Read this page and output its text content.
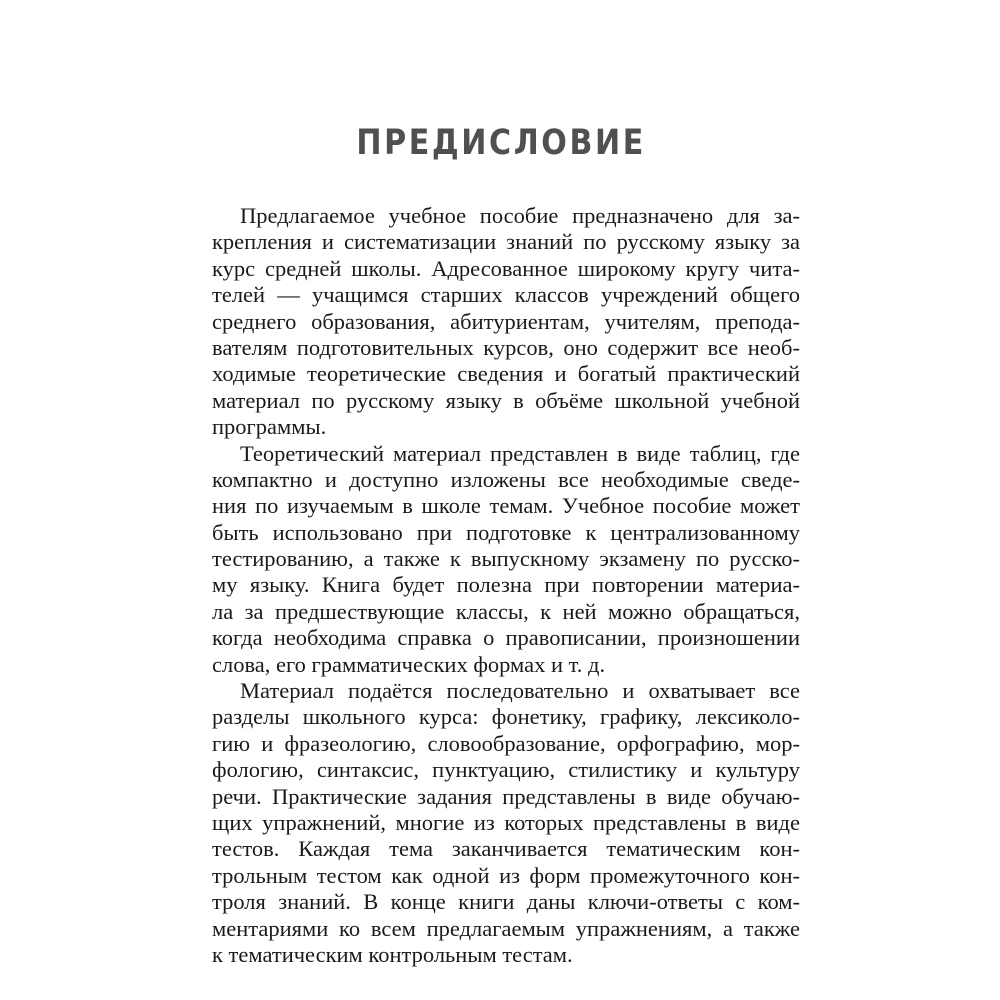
ПРЕДИСЛОВИЕ
Предлагаемое учебное пособие предназначено для за-
крепления и систематизации знаний по русскому языку за
курс средней школы. Адресованное широкому кругу чита-
телей — учащимся старших классов учреждений общего
среднего образования, абитуриентам, учителям, препода-
вателям подготовительных курсов, оно содержит все необ-
ходимые теоретические сведения и богатый практический
материал по русскому языку в объёме школьной учебной
программы.
Теоретический материал представлен в виде таблиц, где
компактно и доступно изложены все необходимые сведе-
ния по изучаемым в школе темам. Учебное пособие может
быть использовано при подготовке к централизованному
тестированию, а также к выпускному экзамену по русско-
му языку. Книга будет полезна при повторении материа-
ла за предшествующие классы, к ней можно обращаться,
когда необходима справка о правописании, произношении
слова, его грамматических формах и т. д.
Материал подаётся последовательно и охватывает все
разделы школьного курса: фонетику, графику, лексиколо-
гию и фразеологию, словообразование, орфографию, мор-
фологию, синтаксис, пунктуацию, стилистику и культуру
речи. Практические задания представлены в виде обучаю-
щих упражнений, многие из которых представлены в виде
тестов. Каждая тема заканчивается тематическим кон-
трольным тестом как одной из форм промежуточного кон-
троля знаний. В конце книги даны ключи-ответы с ком-
ментариями ко всем предлагаемым упражнениям, а также
к тематическим контрольным тестам.
